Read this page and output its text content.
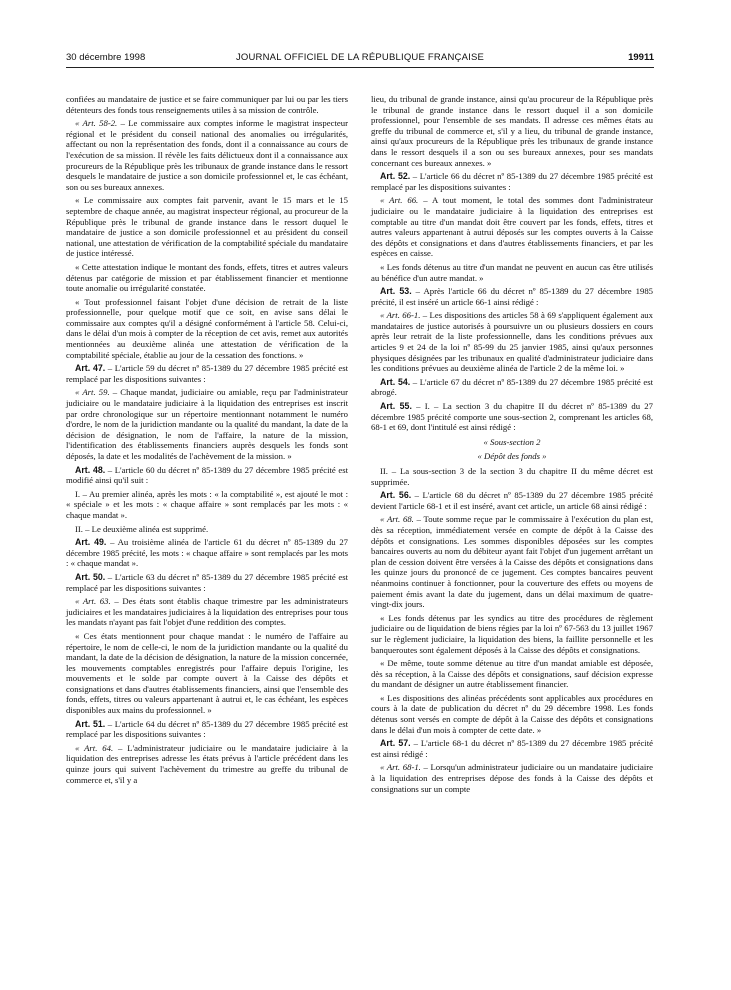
30 décembre 1998	JOURNAL OFFICIEL DE LA RÉPUBLIQUE FRANÇAISE	19911

confiées au mandataire de justice et se faire communiquer par lui ou par les tiers détenteurs des fonds tous renseignements utiles à sa mission de contrôle.

« Art. 58-2. – Le commissaire aux comptes informe le magistrat inspecteur régional et le président du conseil national des anomalies ou irrégularités, affectant ou non la représentation des fonds, dont il a connaissance au cours de l'exécution de sa mission. Il révèle les faits délictueux dont il a connaissance aux procureurs de la République près les tribunaux de grande instance dans le ressort desquels le mandataire de justice a son domicile professionnel et, le cas échéant, son ou ses bureaux annexes.

« Le commissaire aux comptes fait parvenir, avant le 15 mars et le 15 septembre de chaque année, au magistrat inspecteur régional, au procureur de la République près le tribunal de grande instance dans le ressort duquel le mandataire de justice a son domicile professionnel et au président du conseil national, une attestation de vérification de la comptabilité spéciale du mandataire de justice intéressé.

« Cette attestation indique le montant des fonds, effets, titres et autres valeurs détenus par catégorie de mission et par établissement financier et mentionne toute anomalie ou irrégularité constatée.

« Tout professionnel faisant l'objet d'une décision de retrait de la liste professionnelle, pour quelque motif que ce soit, en avise sans délai le commissaire aux comptes qu'il a désigné conformément à l'article 58. Celui-ci, dans le délai d'un mois à compter de la réception de cet avis, remet aux autorités mentionnées au deuxième alinéa une attestation de vérification de la comptabilité spéciale, établie au jour de la cessation des fonctions. »

Art. 47. – L'article 59 du décret nº 85-1389 du 27 décembre 1985 précité est remplacé par les dispositions suivantes :

« Art. 59. – Chaque mandat, judiciaire ou amiable, reçu par l'administrateur judiciaire ou le mandataire judiciaire à la liquidation des entreprises est inscrit par ordre chronologique sur un répertoire mentionnant notamment le numéro d'ordre, le nom de la juridiction mandante ou la qualité du mandant, la date de la décision de désignation, le nom de l'affaire, la nature de la mission, l'identification des établissements financiers auprès desquels les fonds sont déposés, la date et les modalités de l'achèvement de la mission. »

Art. 48. – L'article 60 du décret nº 85-1389 du 27 décembre 1985 précité est modifié ainsi qu'il suit :

I. – Au premier alinéa, après les mots : « la comptabilité », est ajouté le mot : « spéciale » et les mots : « chaque affaire » sont remplacés par les mots : « chaque mandat ».

II. – Le deuxième alinéa est supprimé.

Art. 49. – Au troisième alinéa de l'article 61 du décret nº 85-1389 du 27 décembre 1985 précité, les mots : « chaque affaire » sont remplacés par les mots : « chaque mandat ».

Art. 50. – L'article 63 du décret nº 85-1389 du 27 décembre 1985 précité est remplacé par les dispositions suivantes :

« Art. 63. – Des états sont établis chaque trimestre par les administrateurs judiciaires et les mandataires judiciaires à la liquidation des entreprises pour tous les mandats n'ayant pas fait l'objet d'une reddition des comptes.

« Ces états mentionnent pour chaque mandat : le numéro de l'affaire au répertoire, le nom de celle-ci, le nom de la juridiction mandante ou la qualité du mandant, la date de la décision de désignation, la nature de la mission concernée, les mouvements comptables enregistrés pour l'affaire depuis l'origine, les mouvements et le solde par compte ouvert à la Caisse des dépôts et consignations et dans d'autres établissements financiers, ainsi que l'ensemble des fonds, effets, titres ou valeurs appartenant à autrui et, le cas échéant, les espèces disponibles aux mains du professionnel. »

Art. 51. – L'article 64 du décret nº 85-1389 du 27 décembre 1985 précité est remplacé par les dispositions suivantes :

« Art. 64. – L'administrateur judiciaire ou le mandataire judiciaire à la liquidation des entreprises adresse les états prévus à l'article précédent dans les quinze jours qui suivent l'achèvement du trimestre au greffe du tribunal de commerce et, s'il y a

lieu, du tribunal de grande instance, ainsi qu'au procureur de la République près le tribunal de grande instance dans le ressort duquel il a son domicile professionnel, pour l'ensemble de ses mandats. Il adresse ces mêmes états au greffe du tribunal de commerce et, s'il y a lieu, du tribunal de grande instance, ainsi qu'aux procureurs de la République près les tribunaux de grande instance dans le ressort desquels il a son ou ses bureaux annexes, pour ses mandats concernant ces bureaux annexes. »

Art. 52. – L'article 66 du décret nº 85-1389 du 27 décembre 1985 précité est remplacé par les dispositions suivantes :

« Art. 66. – A tout moment, le total des sommes dont l'administrateur judiciaire ou le mandataire judiciaire à la liquidation des entreprises est comptable au titre d'un mandat doit être couvert par les fonds, effets, titres et autres valeurs appartenant à autrui déposés sur les comptes ouverts à la Caisse des dépôts et consignations et dans d'autres établissements financiers, et par les espèces en caisse.

« Les fonds détenus au titre d'un mandat ne peuvent en aucun cas être utilisés au bénéfice d'un autre mandat. »

Art. 53. – Après l'article 66 du décret nº 85-1389 du 27 décembre 1985 précité, il est inséré un article 66-1 ainsi rédigé :

« Art. 66-1. – Les dispositions des articles 58 à 69 s'appliquent également aux mandataires de justice autorisés à poursuivre un ou plusieurs dossiers en cours après leur retrait de la liste professionnelle, dans les conditions prévues aux articles 9 et 24 de la loi nº 85-99 du 25 janvier 1985, ainsi qu'aux personnes physiques désignées par les tribunaux en qualité d'administrateur judiciaire dans les conditions prévues au deuxième alinéa de l'article 2 de la même loi. »

Art. 54. – L'article 67 du décret nº 85-1389 du 27 décembre 1985 précité est abrogé.

Art. 55. – I. – La section 3 du chapitre II du décret nº 85-1389 du 27 décembre 1985 précité comporte une sous-section 2, comprenant les articles 68, 68-1 et 69, dont l'intitulé est ainsi rédigé :

« Sous-section 2

« Dépôt des fonds »

II. – La sous-section 3 de la section 3 du chapitre II du même décret est supprimée.

Art. 56. – L'article 68 du décret nº 85-1389 du 27 décembre 1985 précité devient l'article 68-1 et il est inséré, avant cet article, un article 68 ainsi rédigé :

« Art. 68. – Toute somme reçue par le commissaire à l'exécution du plan est, dès sa réception, immédiatement versée en compte de dépôt à la Caisse des dépôts et consignations. Les sommes disponibles déposées sur les comptes bancaires ouverts au nom du débiteur ayant fait l'objet d'un jugement arrêtant un plan de cession doivent être versées à la Caisse des dépôts et consignations dans les quinze jours du prononcé de ce jugement. Ces comptes bancaires peuvent néanmoins continuer à fonctionner, pour la couverture des effets ou moyens de paiement émis avant la date du jugement, dans un délai maximum de quatre-vingt-dix jours.

« Les fonds détenus par les syndics au titre des procédures de règlement judiciaire ou de liquidation de biens régies par la loi nº 67-563 du 13 juillet 1967 sur le règlement judiciaire, la liquidation des biens, la faillite personnelle et les banqueroutes sont également déposés à la Caisse des dépôts et consignations.

« De même, toute somme détenue au titre d'un mandat amiable est déposée, dès sa réception, à la Caisse des dépôts et consignations, sauf décision expresse du mandant de désigner un autre établissement financier.

« Les dispositions des alinéas précédents sont applicables aux procédures en cours à la date de publication du décret nº du 29 décembre 1998. Les fonds détenus sont versés en compte de dépôt à la Caisse des dépôts et consignations dans le délai d'un mois à compter de cette date. »

Art. 57. – L'article 68-1 du décret nº 85-1389 du 27 décembre 1985 précité est ainsi rédigé :

« Art. 68-1. – Lorsqu'un administrateur judiciaire ou un mandataire judiciaire à la liquidation des entreprises dépose des fonds à la Caisse des dépôts et consignations sur un compte
